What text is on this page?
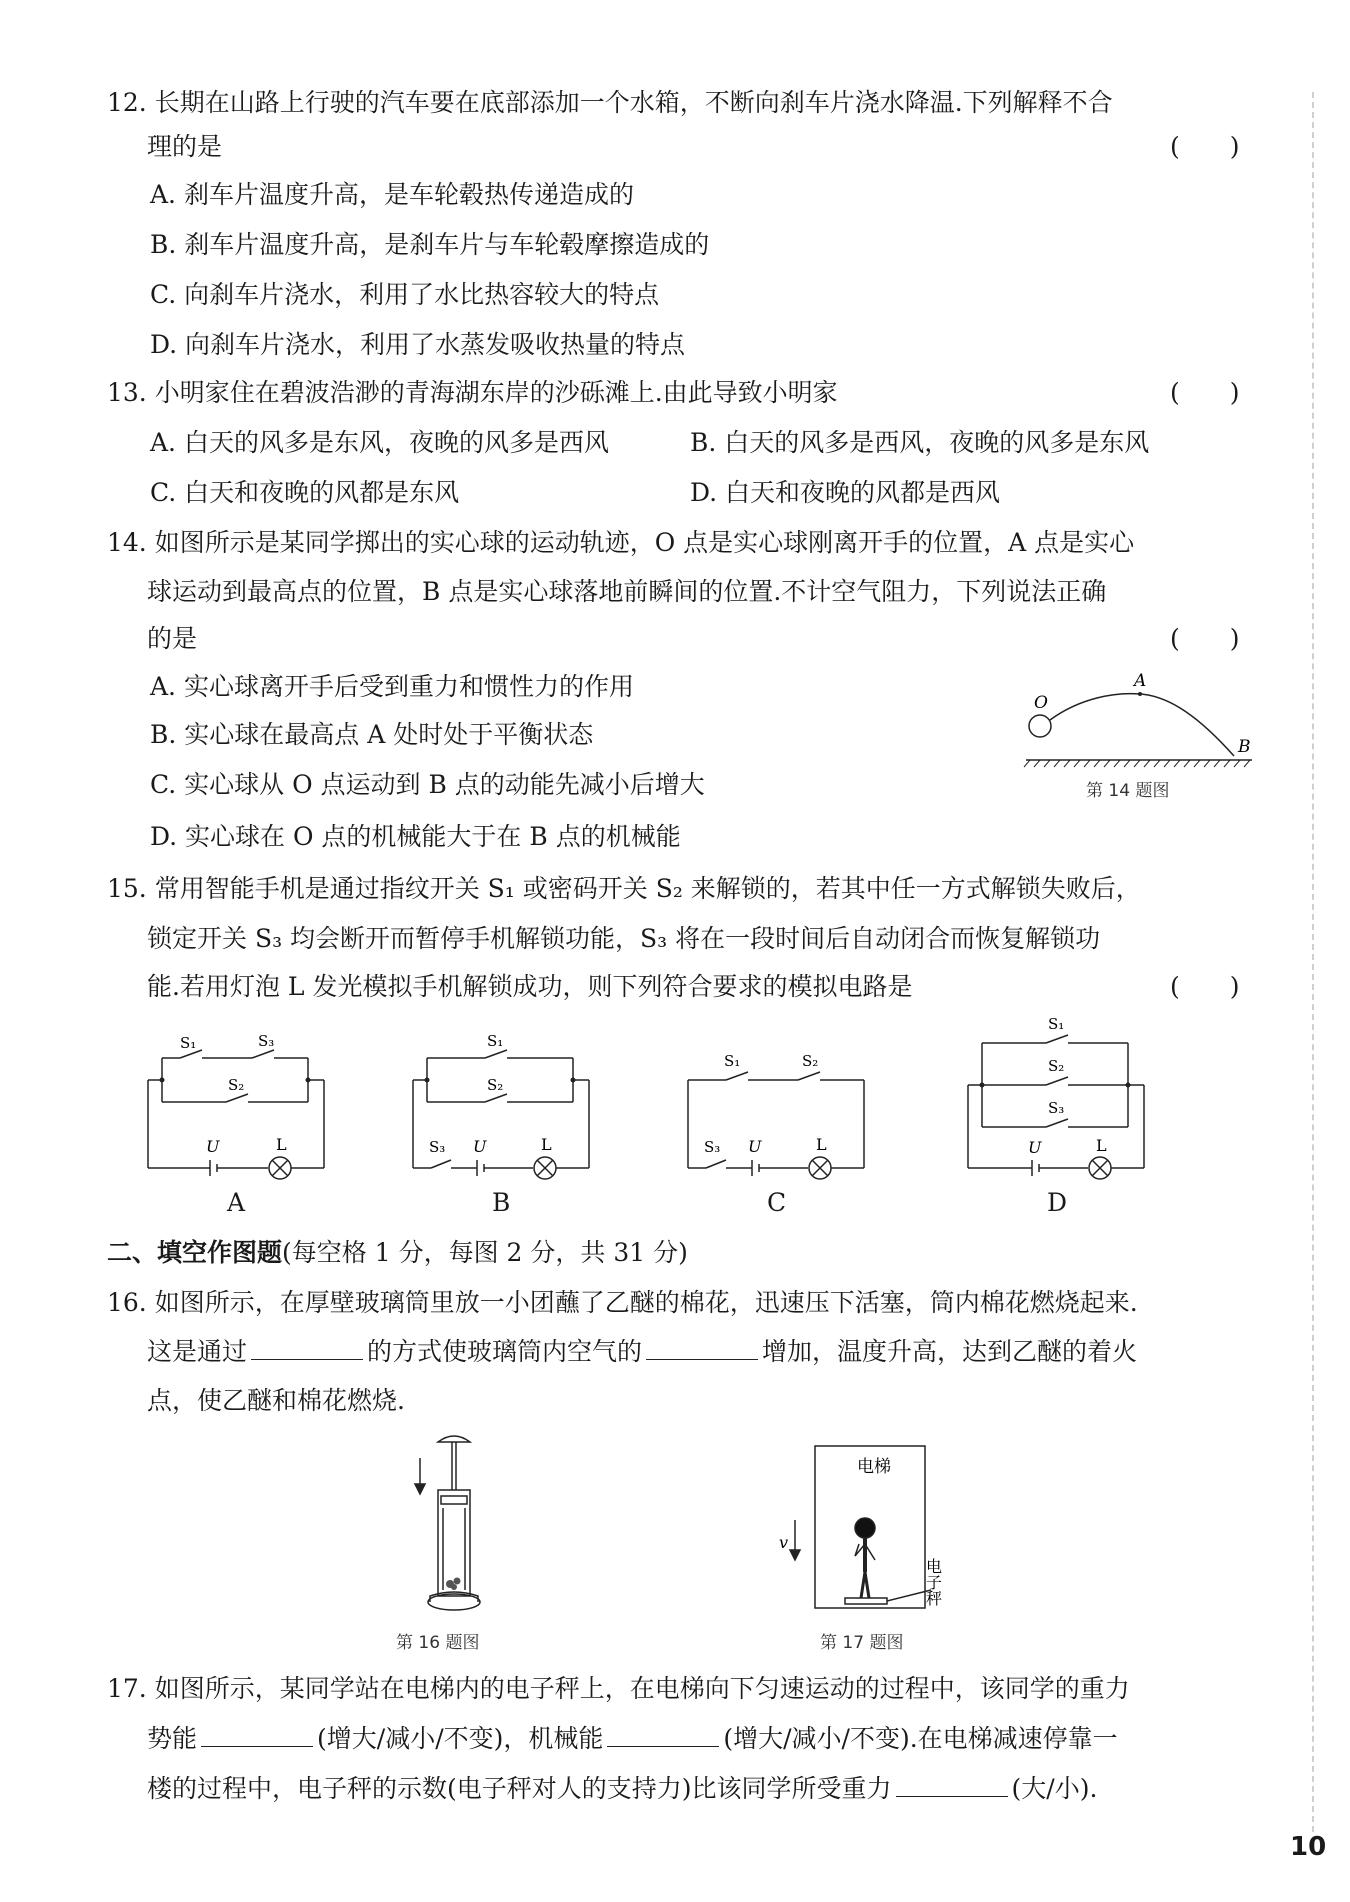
12. 长期在山路上行驶的汽车要在底部添加一个水箱，不断向刹车片浇水降温.下列解释不合
理的是	(　　)
A. 刹车片温度升高，是车轮毂热传递造成的
B. 刹车片温度升高，是刹车片与车轮毂摩擦造成的
C. 向刹车片浇水，利用了水比热容较大的特点
D. 向刹车片浇水，利用了水蒸发吸收热量的特点
13. 小明家住在碧波浩渺的青海湖东岸的沙砾滩上.由此导致小明家	(　　)
A. 白天的风多是东风，夜晚的风多是西风	B. 白天的风多是西风，夜晚的风多是东风
C. 白天和夜晚的风都是东风	D. 白天和夜晚的风都是西风
14. 如图所示是某同学掷出的实心球的运动轨迹，O 点是实心球刚离开手的位置，A 点是实心
球运动到最高点的位置，B 点是实心球落地前瞬间的位置.不计空气阻力，下列说法正确
的是	(　　)
A. 实心球离开手后受到重力和惯性力的作用
B. 实心球在最高点 A 处时处于平衡状态
C. 实心球从 O 点运动到 B 点的动能先减小后增大
D. 实心球在 O 点的机械能大于在 B 点的机械能
O
A
B
第 14 题图
15. 常用智能手机是通过指纹开关 S₁ 或密码开关 S₂ 来解锁的，若其中任一方式解锁失败后，
锁定开关 S₃ 均会断开而暂停手机解锁功能，S₃ 将在一段时间后自动闭合而恢复解锁功
能.若用灯泡 L 发光模拟手机解锁成功，则下列符合要求的模拟电路是	(　　)
S₁	S₃
S₂
U	L
A
S₁
S₂
S₃ U	L
B
S₁	S₂
S₃ U	L
C
S₁
S₂
S₃
U	L
D
二、填空作图题(每空格 1 分，每图 2 分，共 31 分)
16. 如图所示，在厚壁玻璃筒里放一小团蘸了乙醚的棉花，迅速压下活塞，筒内棉花燃烧起来.
这是通过	的方式使玻璃筒内空气的	增加，温度升高，达到乙醚的着火
点，使乙醚和棉花燃烧.
第 16 题图
电梯
v
电子秤
第 17 题图
17. 如图所示，某同学站在电梯内的电子秤上，在电梯向下匀速运动的过程中，该同学的重力
势能	(增大/减小/不变)，机械能	(增大/减小/不变).在电梯减速停靠一
楼的过程中，电子秤的示数(电子秤对人的支持力)比该同学所受重力	(大/小).
10
